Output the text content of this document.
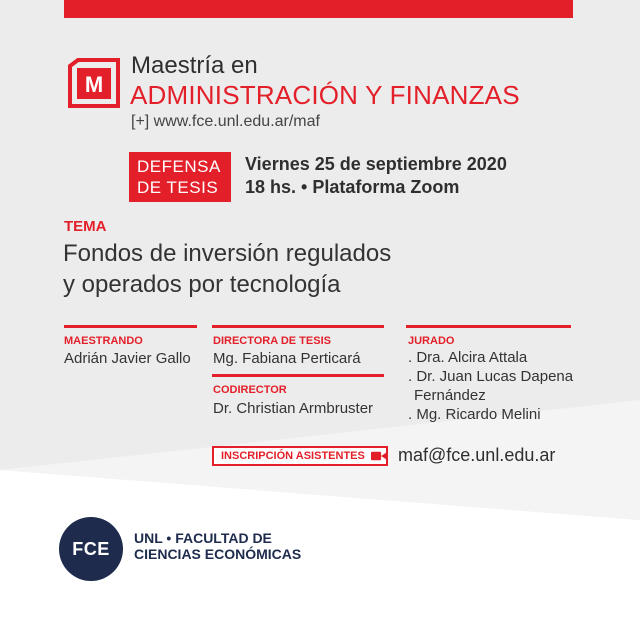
M
Maestría en
ADMINISTRACIÓN Y FINANZAS
[+] www.fce.unl.edu.ar/maf
DEFENSA
DE TESIS
Viernes 25 de septiembre 2020
18 hs. • Plataforma Zoom
TEMA
Fondos de inversión regulados
y operados por tecnología
MAESTRANDO
Adrián Javier Gallo
DIRECTORA DE TESIS
Mg. Fabiana Perticará
CODIRECTOR
Dr. Christian Armbruster
JURADO
. Dra. Alcira Attala
. Dr. Juan Lucas Dapena
Fernández
. Mg. Ricardo Melini
INSCRIPCIÓN ASISTENTES maf@fce.unl.edu.ar
FCE
UNL • FACULTAD DE
CIENCIAS ECONÓMICAS
